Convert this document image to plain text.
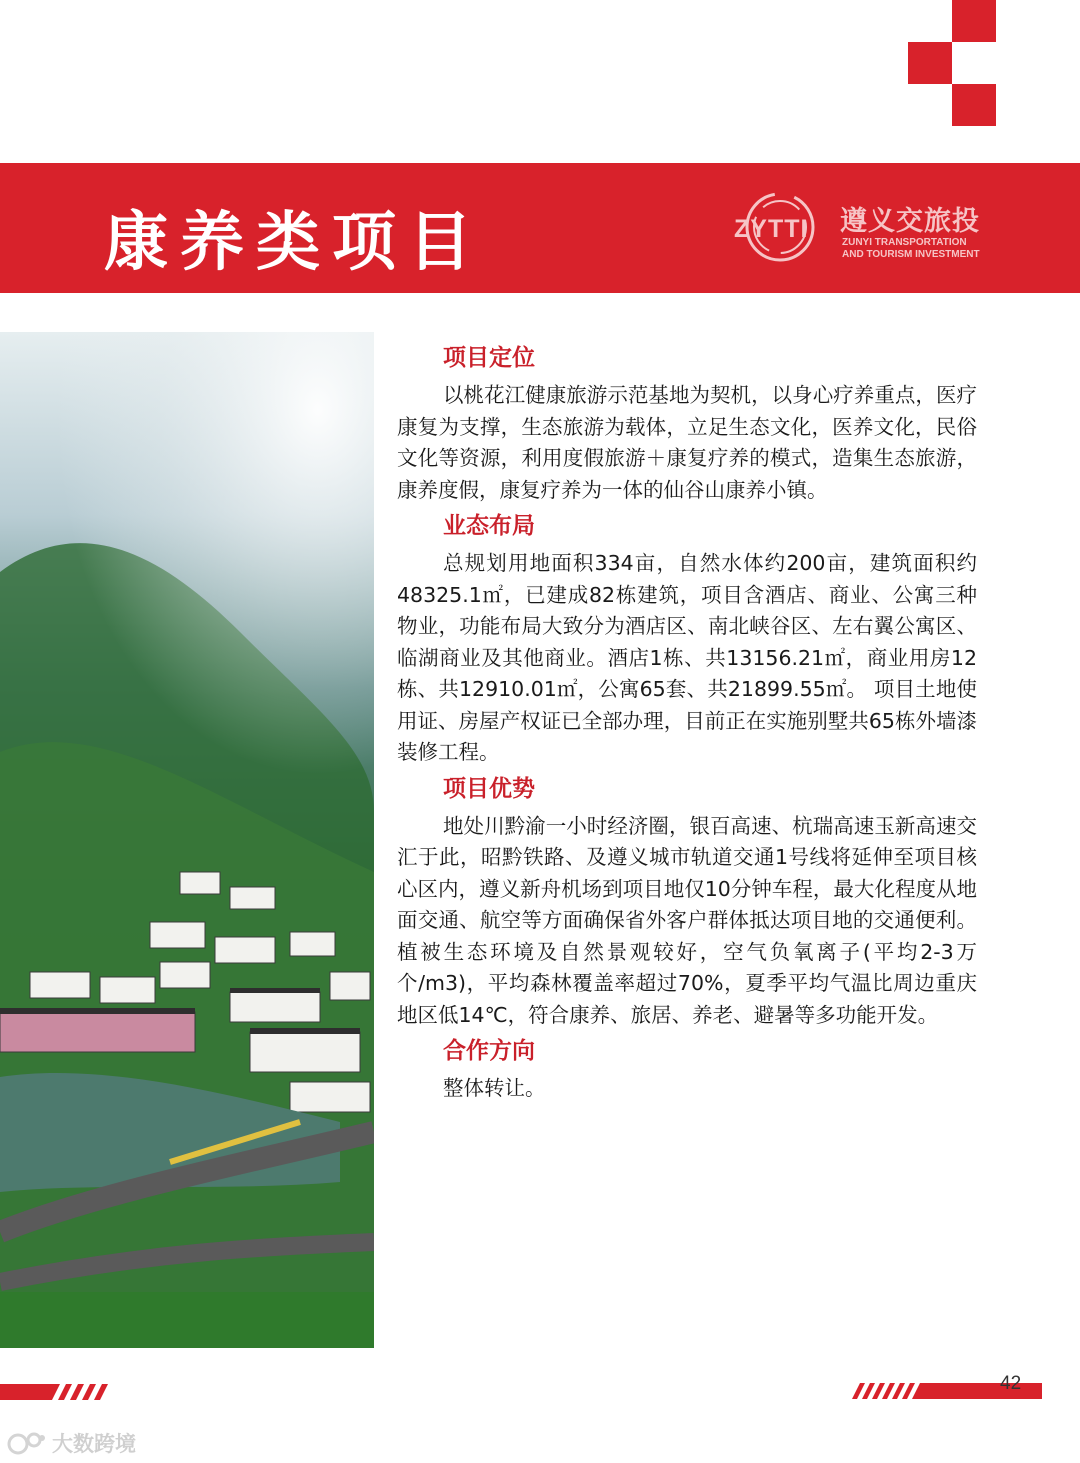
康养类项目	ZYTTI 遵义交旅投
ZUNYI TRANSPORTATION
AND TOURISM INVESTMENT
项目定位

以桃花江健康旅游示范基地为契机，以身心疗养重点，医疗康复为支撑，生态旅游为载体，立足生态文化，医养文化，民俗文化等资源，利用度假旅游＋康复疗养的模式，造集生态旅游，康养度假，康复疗养为一体的仙谷山康养小镇。

业态布局

总规划用地面积334亩，自然水体约200亩，建筑面积约48325.1㎡，已建成82栋建筑，项目含酒店、商业、公寓三种物业，功能布局大致分为酒店区、南北峡谷区、左右翼公寓区、临湖商业及其他商业。酒店1栋、共13156.21㎡，商业用房12栋、共12910.01㎡，公寓65套、共21899.55㎡。 项目土地使用证、房屋产权证已全部办理，目前正在实施别墅共65栋外墙漆装修工程。

项目优势

地处川黔渝一小时经济圈，银百高速、杭瑞高速玉新高速交汇于此，昭黔铁路、及遵义城市轨道交通1号线将延伸至项目核心区内，遵义新舟机场到项目地仅10分钟车程，最大化程度从地面交通、航空等方面确保省外客户群体抵达项目地的交通便利。植被生态环境及自然景观较好，空气负氧离子(平均2-3万个/m3)，平均森林覆盖率超过70%，夏季平均气温比周边重庆地区低14℃，符合康养、旅居、养老、避暑等多功能开发。

合作方向

整体转让。

42
大数跨境
